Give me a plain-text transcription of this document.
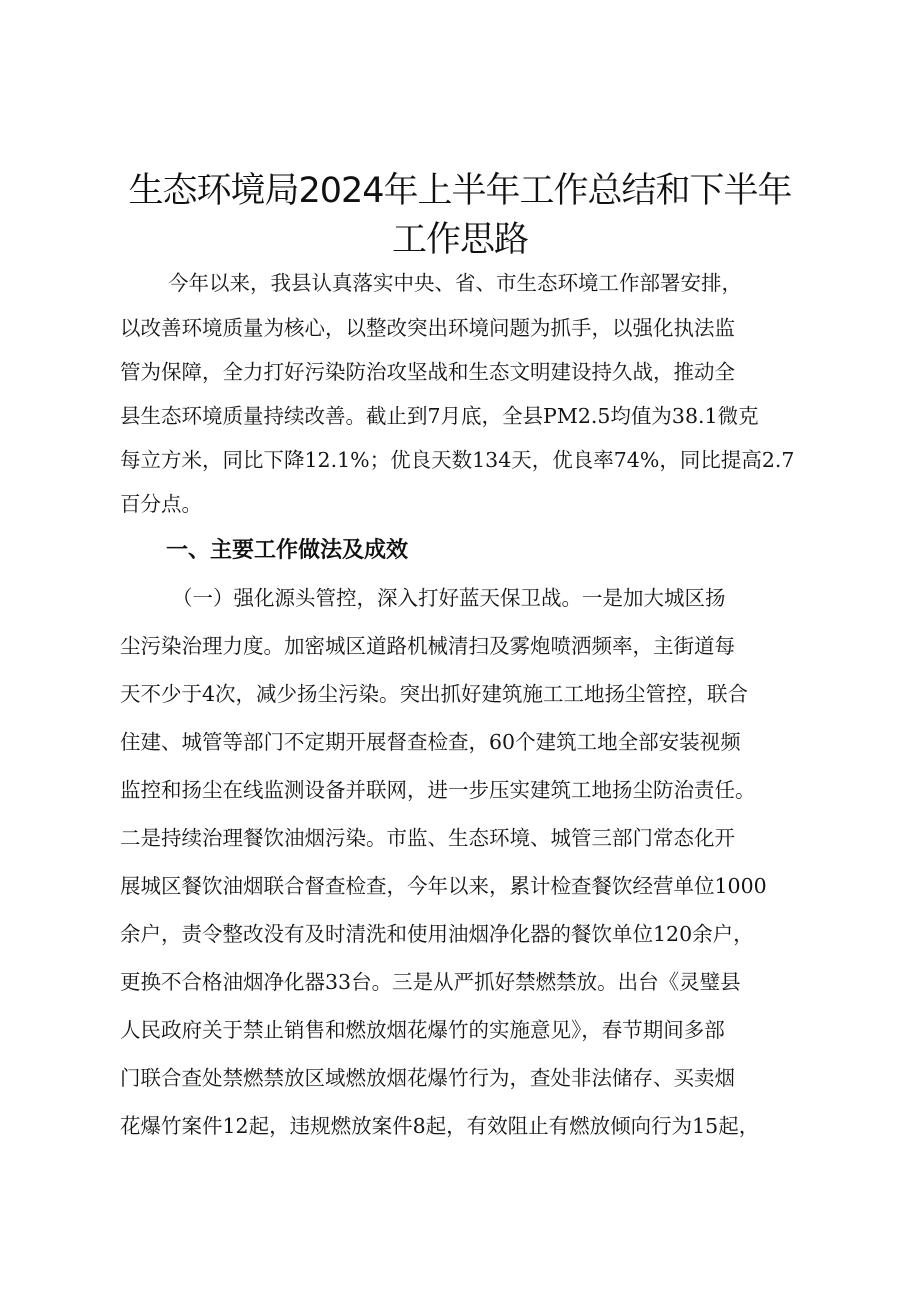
生态环境局2024年上半年工作总结和下半年
工作思路

今年以来，我县认真落实中央、省、市生态环境工作部署安排，

以改善环境质量为核心，以整改突出环境问题为抓手，以强化执法监

管为保障，全力打好污染防治攻坚战和生态文明建设持久战，推动全

县生态环境质量持续改善。截止到7月底，全县PM2.5均值为38.1微克

每立方米，同比下降12.1%；优良天数134天，优良率74%，同比提高2.7

百分点。

一、主要工作做法及成效

（一）强化源头管控，深入打好蓝天保卫战。一是加大城区扬

尘污染治理力度。加密城区道路机械清扫及雾炮喷洒频率，主街道每

天不少于4次，减少扬尘污染。突出抓好建筑施工工地扬尘管控，联合

住建、城管等部门不定期开展督查检查，60个建筑工地全部安装视频

监控和扬尘在线监测设备并联网，进一步压实建筑工地扬尘防治责任。

二是持续治理餐饮油烟污染。市监、生态环境、城管三部门常态化开

展城区餐饮油烟联合督查检查，今年以来，累计检查餐饮经营单位1000

余户，责令整改没有及时清洗和使用油烟净化器的餐饮单位120余户，

更换不合格油烟净化器33台。三是从严抓好禁燃禁放。出台《灵璧县

人民政府关于禁止销售和燃放烟花爆竹的实施意见》，春节期间多部

门联合查处禁燃禁放区域燃放烟花爆竹行为，查处非法储存、买卖烟

花爆竹案件12起，违规燃放案件8起，有效阻止有燃放倾向行为15起，
